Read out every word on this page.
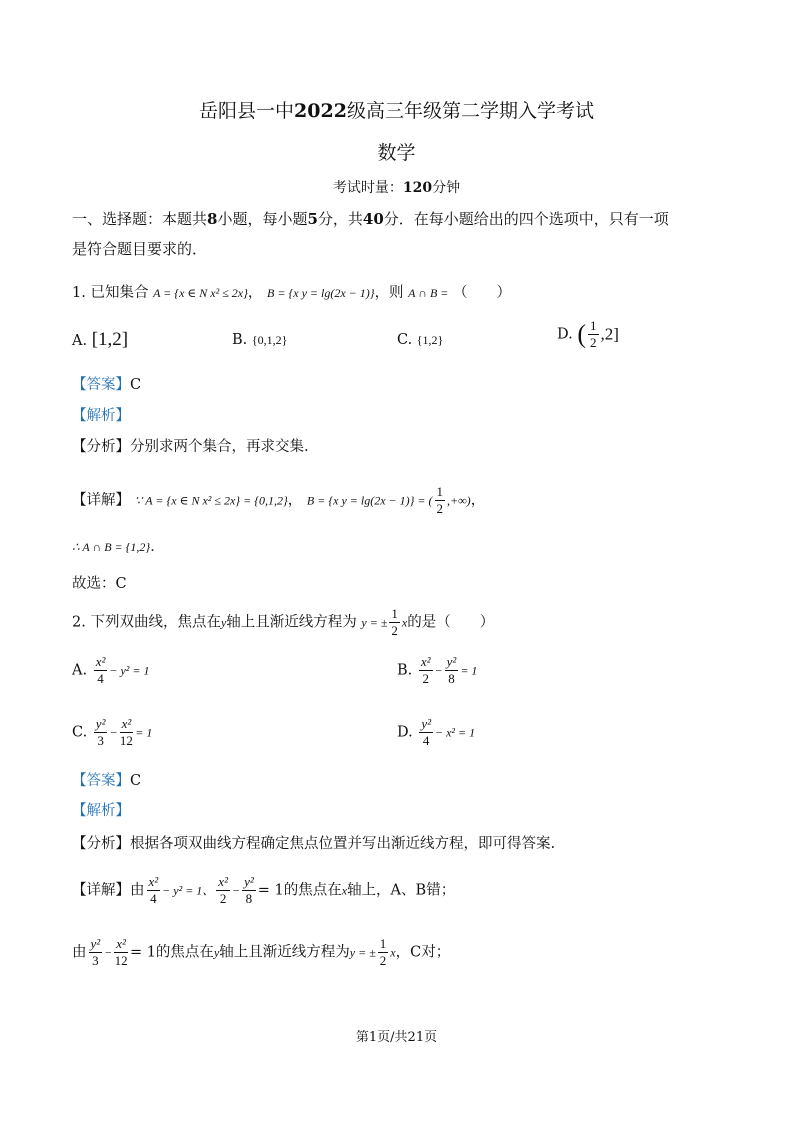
岳阳县一中2022级高三年级第二学期入学考试
数学
考试时量：120分钟
一、选择题：本题共8小题，每小题5分，共40分．在每小题给出的四个选项中，只有一项
是符合题目要求的．
1. 已知集合 A = {x ∈ N x² ≤ 2x}， B = {x y = lg(2x − 1)}，则 A ∩ B = （　　）
A. [1,2]	B. {0,1,2}	C. {1,2}	D. ( $\frac{1}{2} ,2$]
【答案】C
【解析】
【分析】分别求两个集合，再求交集.
【详解】 ∵ A = {x ∈ N x² ≤ 2x} = {0,1,2}， B = {x y = lg(2x − 1)} = ( $\frac{1}{2}$ ,+∞)，
∴ A ∩ B = {1,2}．
故选：C
2. 下列双曲线，焦点在y轴上且渐近线方程为 y = ± $\frac{1}{2}$ x的是（　　）
A. $\frac{\text{x²}}{4} - y^2 = 1$	B. $\frac{\text{x²}}{2} - \frac{\text{y²}}{8} = 1$
C. $\frac{\text{y²}}{3} - \frac{\text{x²}}{12} = 1$	D. $\frac{\text{y²}}{4} - x^2 = 1$
【答案】C
【解析】
【分析】根据各项双曲线方程确定焦点位置并写出渐近线方程，即可得答案.
【详解】由 $\frac{\text{x²}}{4} - y^2 = 1$、 $\frac{\text{x²}}{2} - \frac{\text{y²}}{8} = 1$的焦点在x轴上，A、B错；
由 $\frac{\text{y²}}{3} - \frac{\text{x²}}{12} = 1$的焦点在y轴上且渐近线方程为y = ± $\frac{1}{2}$ x，C对；
第1页/共21页
